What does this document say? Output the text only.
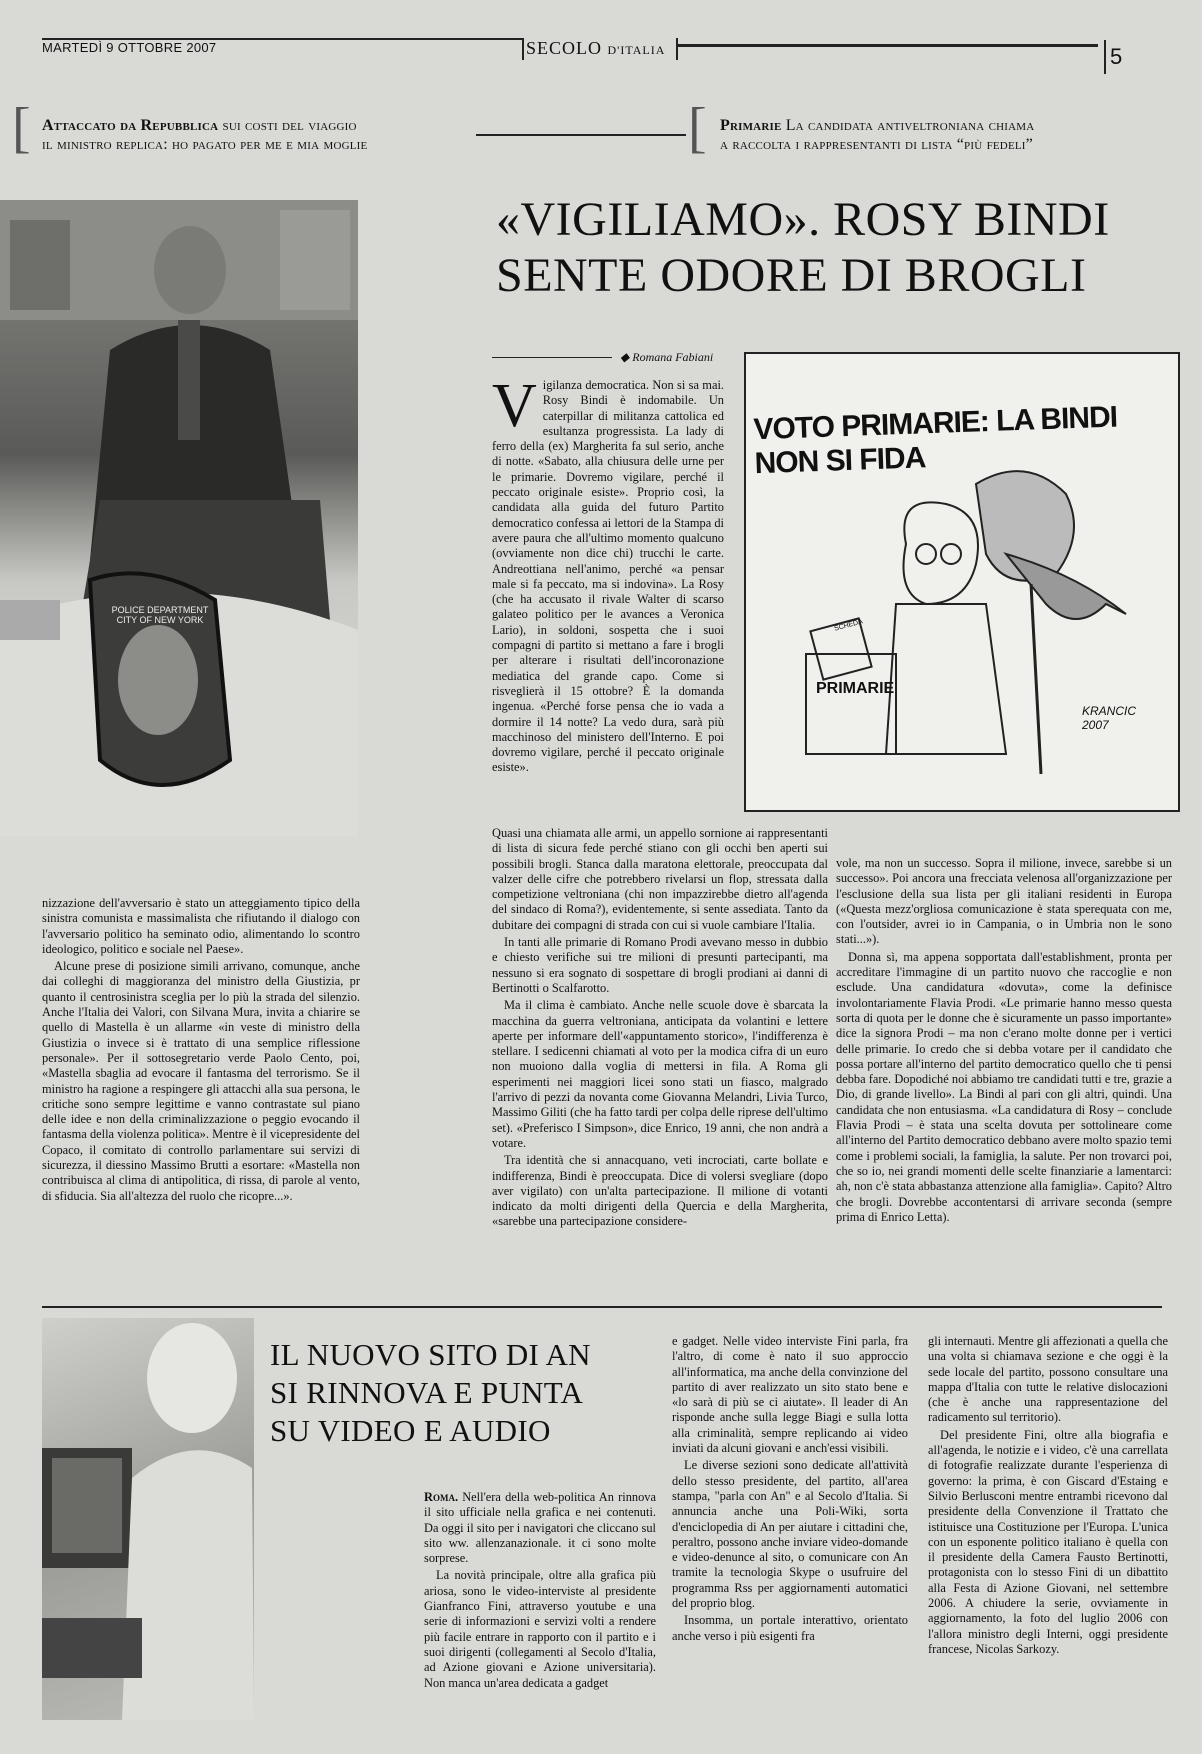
MARTEDÌ 9 OTTOBRE 2007	SECOLO D'ITALIA	5
[ Attaccato da Repubblica sui costi del viaggio
il ministro replica: ho pagato per me e mia moglie	[ Primarie La candidata antiveltroniana chiama
a raccolta i rappresentanti di lista “più fedeli”
POLICE DEPARTMENT CITY OF NEW YORK
«VIGILIAMO». ROSY BINDI
SENTE ODORE DI BROGLI
◆ Romana Fabiani
V igilanza democratica. Non si sa mai. Rosy Bindi è indomabile. Un caterpillar di militanza cattolica ed esultanza progressista. La lady di ferro della (ex) Margherita fa sul serio, anche di notte. «Sabato, alla chiusura delle urne per le primarie. Dovremo vigilare, perché il peccato originale esiste». Proprio così, la candidata alla guida del futuro Partito democratico confessa ai lettori de la Stampa di avere paura che all'ultimo momento qualcuno (ovviamente non dice chi) trucchi le carte. Andreottiana nell'animo, perché «a pensar male si fa peccato, ma si indovina». La Rosy (che ha accusato il rivale Walter di scarso galateo politico per le avances a Veronica Lario), in soldoni, sospetta che i suoi compagni di partito si mettano a fare i brogli per alterare i risultati dell'incoronazione mediatica del grande capo. Come si risveglierà il 15 ottobre? È la domanda ingenua. «Perché forse pensa che io vada a dormire il 14 notte? La vedo dura, sarà più macchinoso del ministero dell'Interno. E poi dovremo vigilare, perché il peccato originale esiste».
VOTO PRIMARIE: LA BINDI NON SI FIDA
PRIMARIE
SCHEDA
KRANCIC 2007

Quasi una chiamata alle armi, un appello sornione ai rappresentanti di lista di sicura fede perché stiano con gli occhi ben aperti sui possibili brogli. Stanca dalla maratona elettorale, preoccupata dal valzer delle cifre che potrebbero rivelarsi un flop, stressata dalla competizione veltroniana (chi non impazzirebbe dietro all'agenda del sindaco di Roma?), evidentemente, si sente assediata. Tanto da dubitare dei compagni di strada con cui si vuole cambiare l'Italia.

In tanti alle primarie di Romano Prodi avevano messo in dubbio e chiesto verifiche sui tre milioni di presunti partecipanti, ma nessuno si era sognato di sospettare di brogli prodiani ai danni di Bertinotti o Scalfarotto.

Ma il clima è cambiato. Anche nelle scuole dove è sbarcata la macchina da guerra veltroniana, anticipata da volantini e lettere aperte per informare dell'«appuntamento storico», l'indifferenza è stellare. I sedicenni chiamati al voto per la modica cifra di un euro non muoiono dalla voglia di mettersi in fila. A Roma gli esperimenti nei maggiori licei sono stati un fiasco, malgrado l'arrivo di pezzi da novanta come Giovanna Melandri, Livia Turco, Massimo Giliti (che ha fatto tardi per colpa delle riprese dell'ultimo set). «Preferisco I Simpson», dice Enrico, 19 anni, che non andrà a votare.

Tra identità che si annacquano, veti incrociati, carte bollate e indifferenza, Bindi è preoccupata. Dice di volersi svegliare (dopo aver vigilato) con un'alta partecipazione. Il milione di votanti indicato da molti dirigenti della Quercia e della Margherita, «sarebbe una partecipazione considere-

vole, ma non un successo. Sopra il milione, invece, sarebbe si un successo». Poi ancora una frecciata velenosa all'organizzazione per l'esclusione della sua lista per gli italiani residenti in Europa («Questa mezz'orgliosa comunicazione è stata sperequata con me, con l'outsider, avrei io in Campania, o in Umbria non le sono stati...»).

Donna sì, ma appena sopportata dall'establishment, pronta per accreditare l'immagine di un partito nuovo che raccoglie e non esclude. Una candidatura «dovuta», come la definisce involontariamente Flavia Prodi. «Le primarie hanno messo questa sorta di quota per le donne che è sicuramente un passo importante» dice la signora Prodi – ma non c'erano molte donne per i vertici delle primarie. Io credo che si debba votare per il candidato che possa portare all'interno del partito democratico quello che ti pensi debba fare. Dopodiché noi abbiamo tre candidati tutti e tre, grazie a Dio, di grande livello». La Bindi al pari con gli altri, quindi. Una candidata che non entusiasma. «La candidatura di Rosy – conclude Flavia Prodi – è stata una scelta dovuta per sottolineare come all'interno del Partito democratico debbano avere molto spazio temi come i problemi sociali, la famiglia, la salute. Per non trovarci poi, che so io, nei grandi momenti delle scelte finanziarie a lamentarci: ah, non c'è stata abbastanza attenzione alla famiglia». Capito? Altro che brogli. Dovrebbe accontentarsi di arrivare seconda (sempre prima di Enrico Letta).

nizzazione dell'avversario è stato un atteggiamento tipico della sinistra comunista e massimalista che rifiutando il dialogo con l'avversario politico ha seminato odio, alimentando lo scontro ideologico, politico e sociale nel Paese».

Alcune prese di posizione simili arrivano, comunque, anche dai colleghi di maggioranza del ministro della Giustizia, pr quanto il centrosinistra sceglia per lo più la strada del silenzio. Anche l'Italia dei Valori, con Silvana Mura, invita a chiarire se quello di Mastella è un allarme «in veste di ministro della Giustizia o invece si è trattato di una semplice riflessione personale». Per il sottosegretario verde Paolo Cento, poi, «Mastella sbaglia ad evocare il fantasma del terrorismo. Se il ministro ha ragione a respingere gli attacchi alla sua persona, le critiche sono sempre legittime e vanno contrastate sul piano delle idee e non della criminalizzazione o peggio evocando il fantasma della violenza politica». Mentre è il vicepresidente del Copaco, il comitato di controllo parlamentare sui servizi di sicurezza, il diessino Massimo Brutti a esortare: «Mastella non contribuisca al clima di antipolitica, di rissa, di parole al vento, di sfiducia. Sia all'altezza del ruolo che ricopre...».

IL NUOVO SITO DI AN
SI RINNOVA E PUNTA
SU VIDEO E AUDIO

Roma. Nell'era della web-politica An rinnova il sito ufficiale nella grafica e nei contenuti. Da oggi il sito per i navigatori che cliccano sul sito ww. allenzanazionale. it ci sono molte sorprese.

La novità principale, oltre alla grafica più ariosa, sono le video-interviste al presidente Gianfranco Fini, attraverso youtube e una serie di informazioni e servizi volti a rendere più facile entrare in rapporto con il partito e i suoi dirigenti (collegamenti al Secolo d'Italia, ad Azione giovani e Azione universitaria). Non manca un'area dedicata a gadget

e gadget. Nelle video interviste Fini parla, fra l'altro, di come è nato il suo approccio all'informatica, ma anche della convinzione del partito di aver realizzato un sito stato bene e «lo sarà di più se ci aiutate». Il leader di An risponde anche sulla legge Biagi e sulla lotta alla criminalità, sempre replicando ai video inviati da alcuni giovani e anch'essi visibili.

Le diverse sezioni sono dedicate all'attività dello stesso presidente, del partito, all'area stampa, "parla con An" e al Secolo d'Italia. Si annuncia anche una Poli-Wiki, sorta d'enciclopedia di An per aiutare i cittadini che, peraltro, possono anche inviare video-domande e video-denunce al sito, o comunicare con An tramite la tecnologia Skype o usufruire del programma Rss per aggiornamenti automatici del proprio blog.

Insomma, un portale interattivo, orientato anche verso i più esigenti fra

gli internauti. Mentre gli affezionati a quella che una volta si chiamava sezione e che oggi è la sede locale del partito, possono consultare una mappa d'Italia con tutte le relative dislocazioni (che è anche una rappresentazione del radicamento sul territorio).

Del presidente Fini, oltre alla biografia e all'agenda, le notizie e i video, c'è una carrellata di fotografie realizzate durante l'esperienza di governo: la prima, è con Giscard d'Estaing e Silvio Berlusconi mentre entrambi ricevono dal presidente della Convenzione il Trattato che istituisce una Costituzione per l'Europa. L'unica con un esponente politico italiano è quella con il presidente della Camera Fausto Bertinotti, protagonista con lo stesso Fini di un dibattito alla Festa di Azione Giovani, nel settembre 2006. A chiudere la serie, ovviamente in aggiornamento, la foto del luglio 2006 con l'allora ministro degli Interni, oggi presidente francese, Nicolas Sarkozy.
